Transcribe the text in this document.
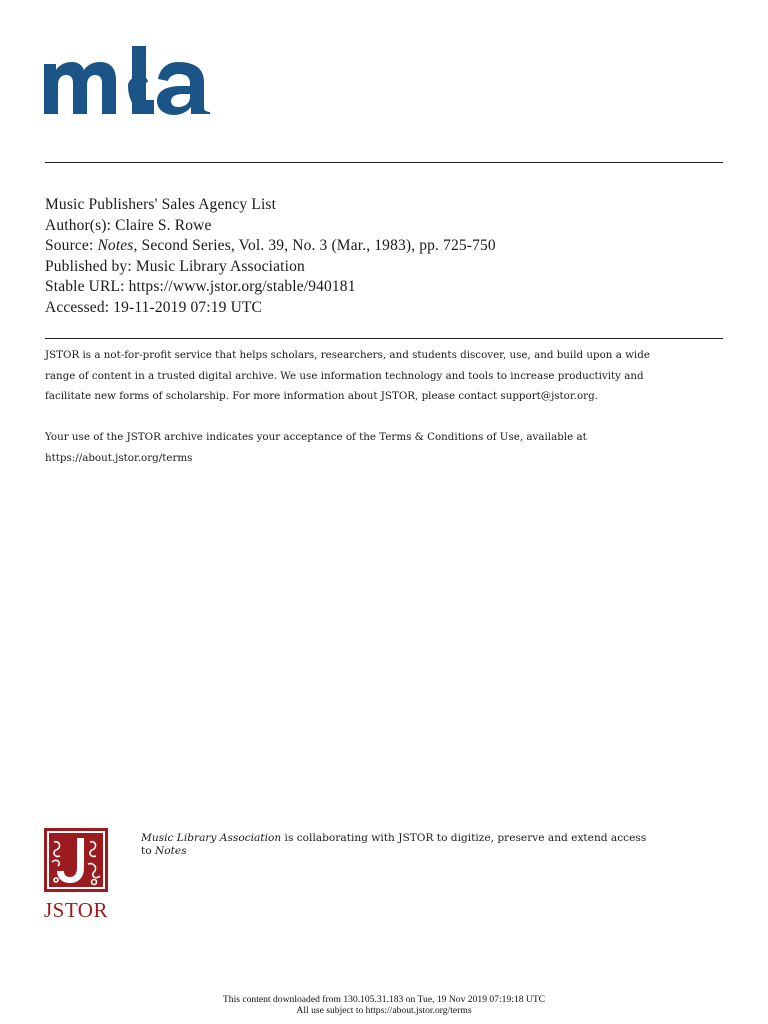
Music Publishers' Sales Agency List
Author(s): Claire S. Rowe
Source: Notes, Second Series, Vol. 39, No. 3 (Mar., 1983), pp. 725-750
Published by: Music Library Association
Stable URL: https://www.jstor.org/stable/940181
Accessed: 19-11-2019 07:19 UTC

JSTOR is a not-for-profit service that helps scholars, researchers, and students discover, use, and build upon a wide

range of content in a trusted digital archive. We use information technology and tools to increase productivity and

facilitate new forms of scholarship. For more information about JSTOR, please contact support@jstor.org.

Your use of the JSTOR archive indicates your acceptance of the Terms & Conditions of Use, available at

https://about.jstor.org/terms

JSTOR
Music Library Association is collaborating with JSTOR to digitize, preserve and extend access
to Notes
This content downloaded from 130.105.31.183 on Tue, 19 Nov 2019 07:19:18 UTC
All use subject to https://about.jstor.org/terms
